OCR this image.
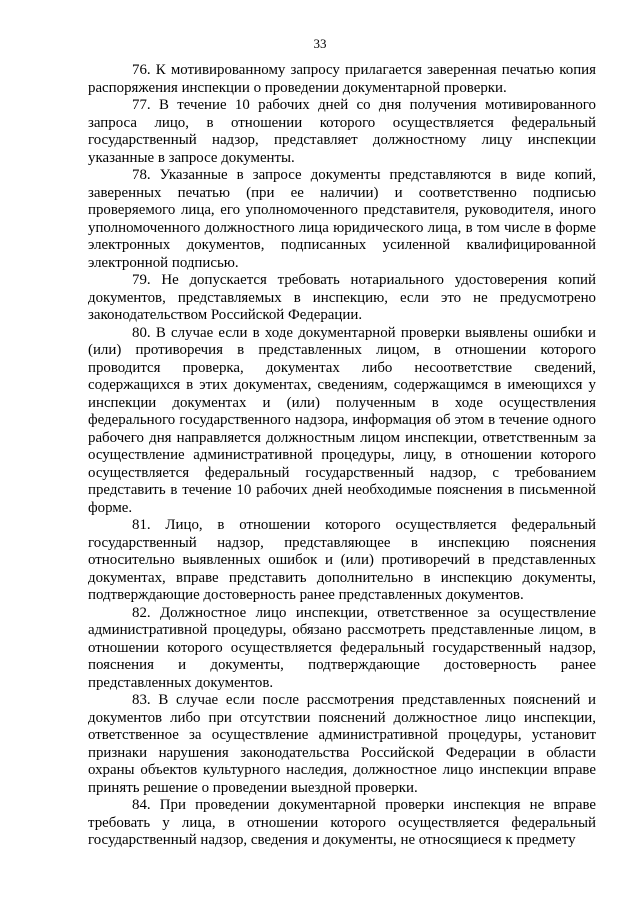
33

76. К мотивированному запросу прилагается заверенная печатью копия распоряжения инспекции о проведении документарной проверки.

77. В течение 10 рабочих дней со дня получения мотивированного запроса лицо, в отношении которого осуществляется федеральный государственный надзор, представляет должностному лицу инспекции указанные в запросе документы.

78. Указанные в запросе документы представляются в виде копий, заверенных печатью (при ее наличии) и соответственно подписью проверяемого лица, его уполномоченного представителя, руководителя, иного уполномоченного должностного лица юридического лица, в том числе в форме электронных документов, подписанных усиленной квалифицированной электронной подписью.

79. Не допускается требовать нотариального удостоверения копий документов, представляемых в инспекцию, если это не предусмотрено законодательством Российской Федерации.

80. В случае если в ходе документарной проверки выявлены ошибки и (или) противоречия в представленных лицом, в отношении которого проводится проверка, документах либо несоответствие сведений, содержащихся в этих документах, сведениям, содержащимся в имеющихся у инспекции документах и (или) полученным в ходе осуществления федерального государственного надзора, информация об этом в течение одного рабочего дня направляется должностным лицом инспекции, ответственным за осуществление административной процедуры, лицу, в отношении которого осуществляется федеральный государственный надзор, с требованием представить в течение 10 рабочих дней необходимые пояснения в письменной форме.

81. Лицо, в отношении которого осуществляется федеральный государственный надзор, представляющее в инспекцию пояснения относительно выявленных ошибок и (или) противоречий в представленных документах, вправе представить дополнительно в инспекцию документы, подтверждающие достоверность ранее представленных документов.

82. Должностное лицо инспекции, ответственное за осуществление административной процедуры, обязано рассмотреть представленные лицом, в отношении которого осуществляется федеральный государственный надзор, пояснения и документы, подтверждающие достоверность ранее представленных документов.

83. В случае если после рассмотрения представленных пояснений и документов либо при отсутствии пояснений должностное лицо инспекции, ответственное за осуществление административной процедуры, установит признаки нарушения законодательства Российской Федерации в области охраны объектов культурного наследия, должностное лицо инспекции вправе принять решение о проведении выездной проверки.

84. При проведении документарной проверки инспекция не вправе требовать у лица, в отношении которого осуществляется федеральный государственный надзор, сведения и документы, не относящиеся к предмету
